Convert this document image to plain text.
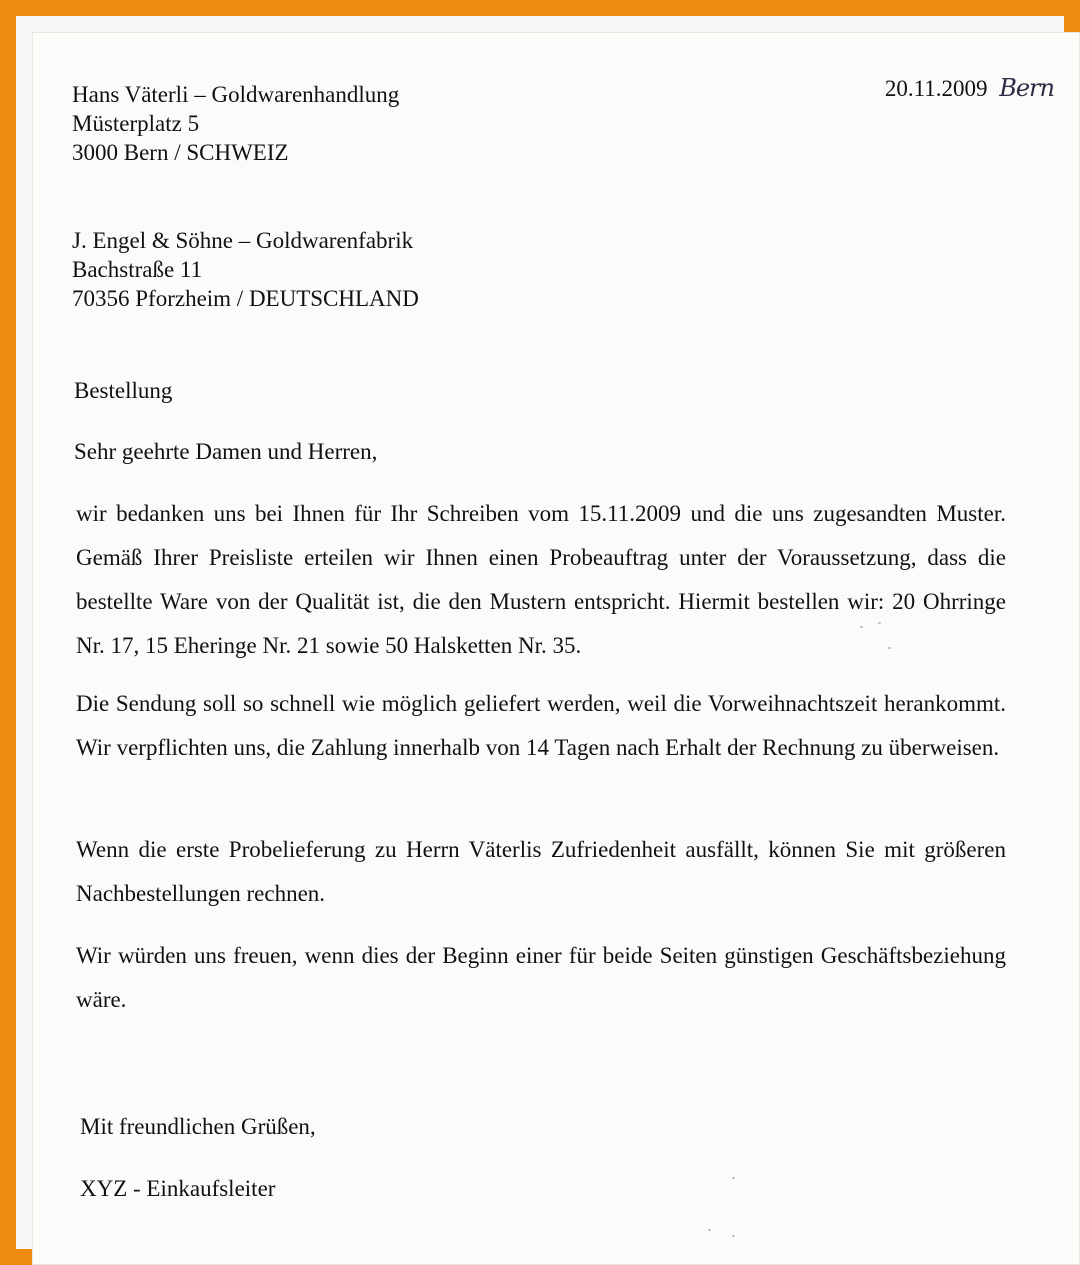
Hans Väterli – Goldwarenhandlung
Müsterplatz 5
3000 Bern / SCHWEIZ
20.11.2009 Bern
J. Engel & Söhne – Goldwarenfabrik
Bachstraße 11
70356 Pforzheim / DEUTSCHLAND
Bestellung
Sehr geehrte Damen und Herren,

wir bedanken uns bei Ihnen für Ihr Schreiben vom 15.11.2009 und die uns zugesandten Muster. Gemäß Ihrer Preisliste erteilen wir Ihnen einen Probeauftrag unter der Voraussetzung, dass die bestellte Ware von der Qualität ist, die den Mustern entspricht. Hiermit bestellen wir: 20 Ohrringe Nr. 17, 15 Eheringe Nr. 21 sowie 50 Halsketten Nr. 35.

Die Sendung soll so schnell wie möglich geliefert werden, weil die Vorweihnachtszeit herankommt. Wir verpflichten uns, die Zahlung innerhalb von 14 Tagen nach Erhalt der Rechnung zu überweisen.

Wenn die erste Probelieferung zu Herrn Väterlis Zufriedenheit ausfällt, können Sie mit größeren Nachbestellungen rechnen.

Wir würden uns freuen, wenn dies der Beginn einer für beide Seiten günstigen Geschäftsbeziehung wäre.

Mit freundlichen Grüßen,
XYZ - Einkaufsleiter
